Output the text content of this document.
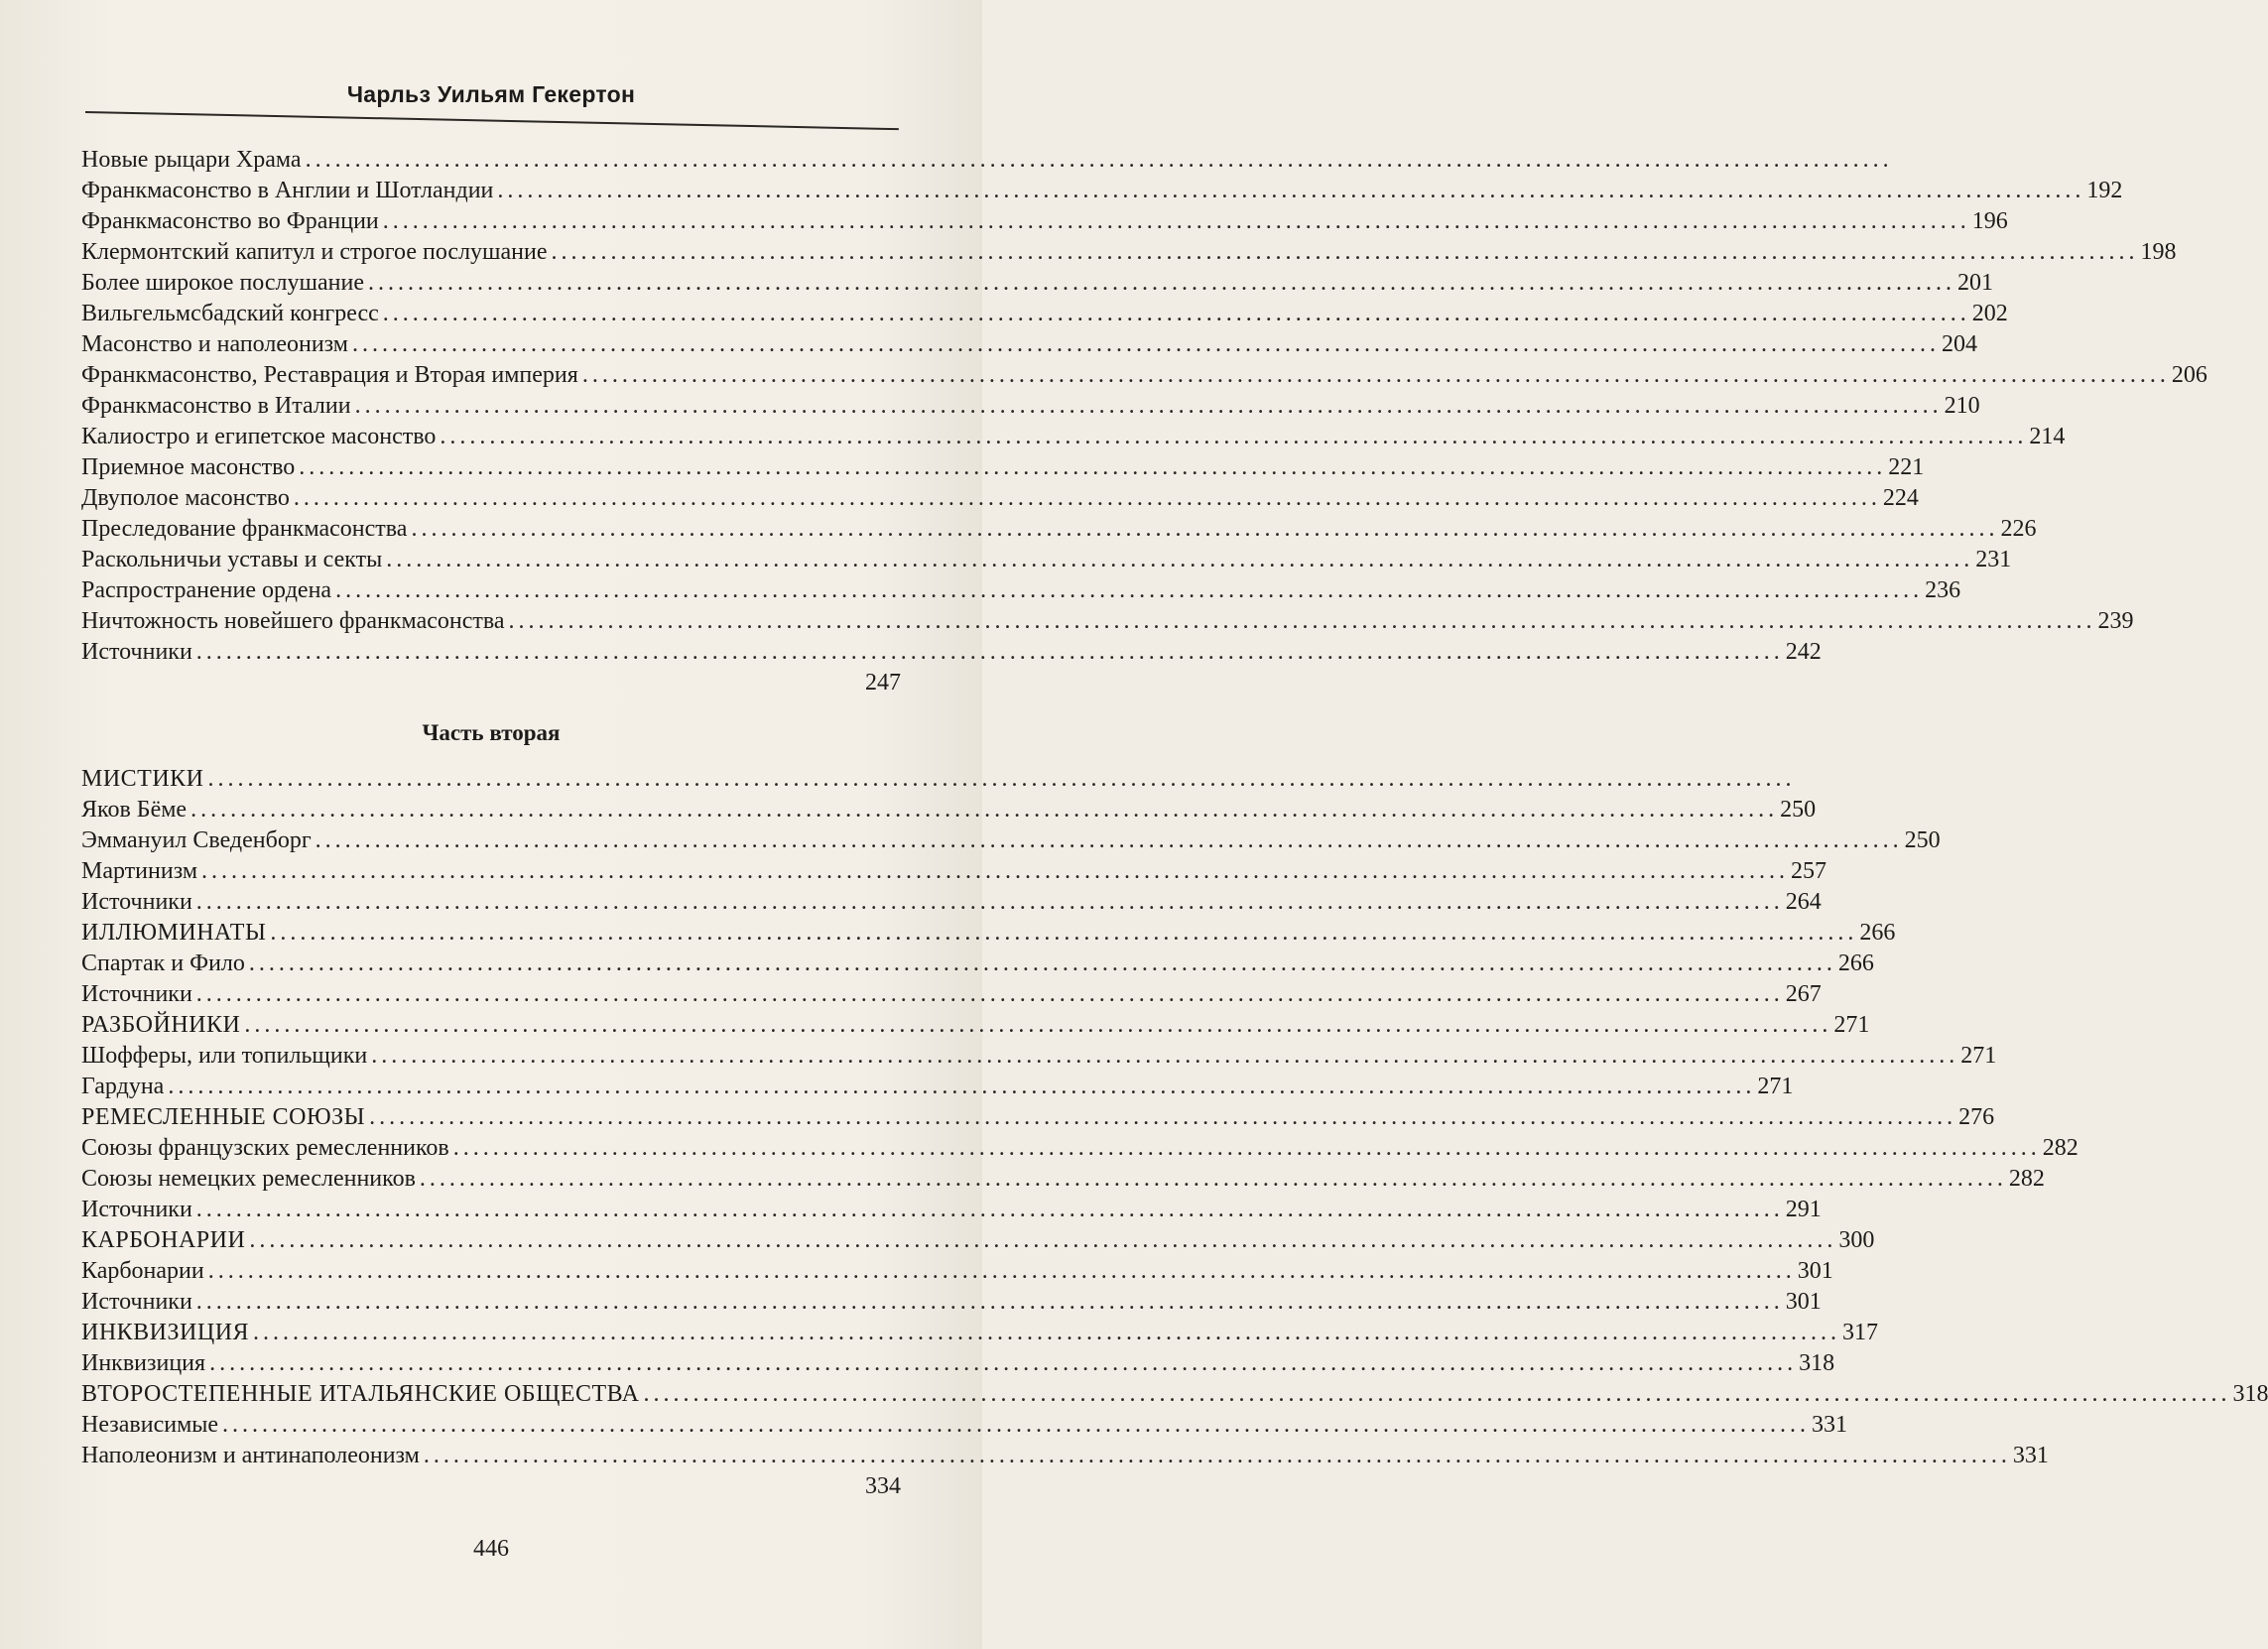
Чарльз Уильям Гекертон
Новые рыцари Храма ................................................................................................................................................................
Франкмасонство в Англии и Шотландии ................................................................................................................................................................ 192
Франкмасонство во Франции ................................................................................................................................................................ 196
Клермонтский капитул и строгое послушание ................................................................................................................................................................ 198
Более широкое послушание ................................................................................................................................................................ 201
Вильгельмсбадский конгресс ................................................................................................................................................................ 202
Масонство и наполеонизм ................................................................................................................................................................ 204
Франкмасонство, Реставрация и Вторая империя ................................................................................................................................................................ 206
Франкмасонство в Италии ................................................................................................................................................................ 210
Калиостро и египетское масонство ................................................................................................................................................................ 214
Приемное масонство ................................................................................................................................................................ 221
Двуполое масонство ................................................................................................................................................................ 224
Преследование франкмасонства ................................................................................................................................................................ 226
Раскольничьи уставы и секты ................................................................................................................................................................ 231
Распространение ордена ................................................................................................................................................................ 236
Ничтожность новейшего франкмасонства ................................................................................................................................................................ 239
Источники ................................................................................................................................................................ 242
247
Часть вторая
МИСТИКИ ................................................................................................................................................................
Яков Бёме ................................................................................................................................................................ 250
Эммануил Сведенборг ................................................................................................................................................................ 250
Мартинизм ................................................................................................................................................................ 257
Источники ................................................................................................................................................................ 264
ИЛЛЮМИНАТЫ ................................................................................................................................................................ 266
Спартак и Фило ................................................................................................................................................................ 266
Источники ................................................................................................................................................................ 267
РАЗБОЙНИКИ ................................................................................................................................................................ 271
Шофферы, или топильщики ................................................................................................................................................................ 271
Гардуна ................................................................................................................................................................ 271
РЕМЕСЛЕННЫЕ СОЮЗЫ ................................................................................................................................................................ 276
Союзы французских ремесленников ................................................................................................................................................................ 282
Союзы немецких ремесленников ................................................................................................................................................................ 282
Источники ................................................................................................................................................................ 291
КАРБОНАРИИ ................................................................................................................................................................ 300
Карбонарии ................................................................................................................................................................ 301
Источники ................................................................................................................................................................ 301
ИНКВИЗИЦИЯ ................................................................................................................................................................ 317
Инквизиция ................................................................................................................................................................ 318
ВТОРОСТЕПЕННЫЕ ИТАЛЬЯНСКИЕ ОБЩЕСТВА ................................................................................................................................................................ 318
Независимые ................................................................................................................................................................ 331
Наполеонизм и антинаполеонизм ................................................................................................................................................................ 331
334
446
